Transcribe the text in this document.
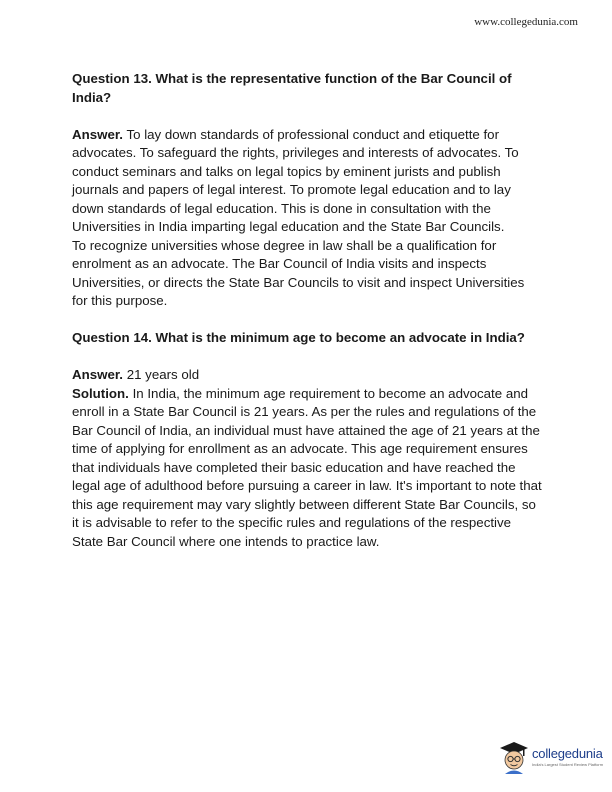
www.collegedunia.com

Question 13. What is the representative function of the Bar Council of India?

Answer. To lay down standards of professional conduct and etiquette for advocates. To safeguard the rights, privileges and interests of advocates. To conduct seminars and talks on legal topics by eminent jurists and publish journals and papers of legal interest. To promote legal education and to lay down standards of legal education. This is done in consultation with the Universities in India imparting legal education and the State Bar Councils.

To recognize universities whose degree in law shall be a qualification for enrolment as an advocate. The Bar Council of India visits and inspects Universities, or directs the State Bar Councils to visit and inspect Universities for this purpose.

Question 14. What is the minimum age to become an advocate in India?

Answer. 21 years old

Solution. In India, the minimum age requirement to become an advocate and enroll in a State Bar Council is 21 years. As per the rules and regulations of the Bar Council of India, an individual must have attained the age of 21 years at the time of applying for enrollment as an advocate. This age requirement ensures that individuals have completed their basic education and have reached the legal age of adulthood before pursuing a career in law. It's important to note that this age requirement may vary slightly between different State Bar Councils, so it is advisable to refer to the specific rules and regulations of the respective State Bar Council where one intends to practice law.

collegedunia
India's Largest Student Review Platform
